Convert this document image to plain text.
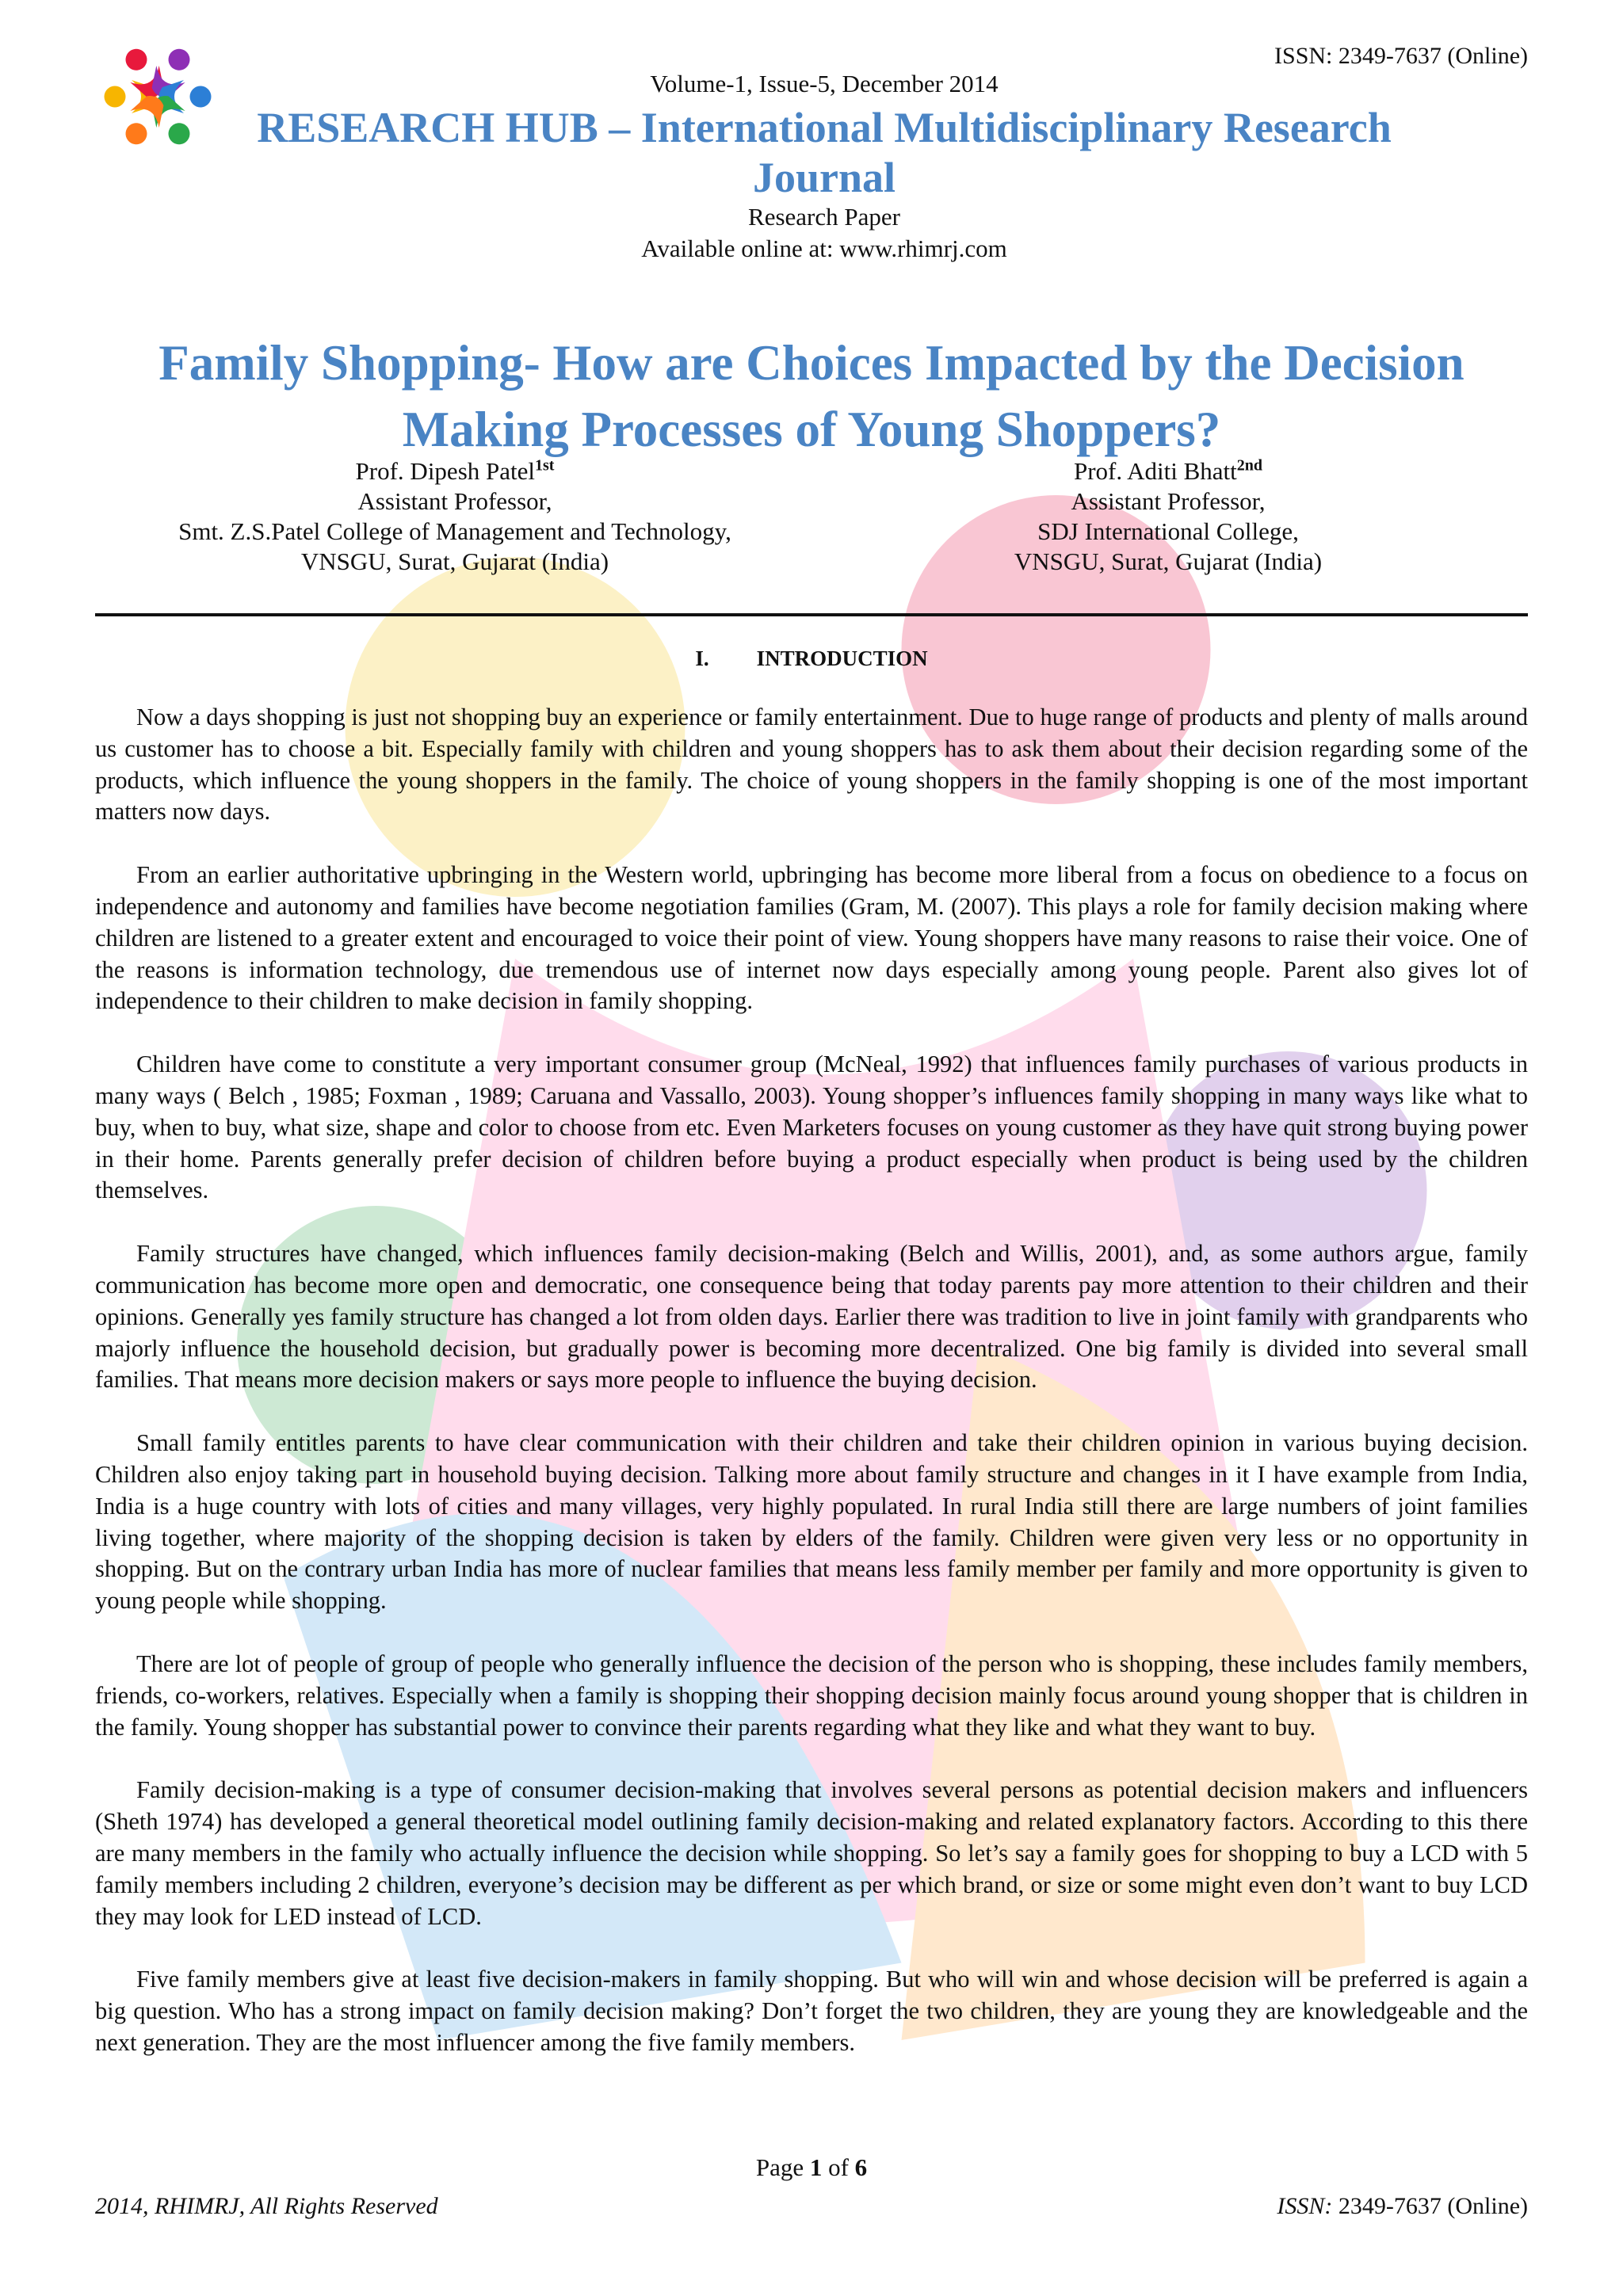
ISSN: 2349-7637 (Online)
Volume-1, Issue-5, December 2014
RESEARCH HUB – International Multidisciplinary Research Journal
Research Paper
Available online at: www.rhimrj.com
Family Shopping- How are Choices Impacted by the Decision Making Processes of Young Shoppers?
Prof. Dipesh Patel$^{1st}$
Assistant Professor,
Smt. Z.S.Patel College of Management and Technology,
VNSGU, Surat, Gujarat (India)
Prof. Aditi Bhatt$^{2nd}$
Assistant Professor,
SDJ International College,
VNSGU, Surat, Gujarat (India)
I. INTRODUCTION

Now a days shopping is just not shopping buy an experience or family entertainment. Due to huge range of products and plenty of malls around us customer has to choose a bit. Especially family with children and young shoppers has to ask them about their decision regarding some of the products, which influence the young shoppers in the family. The choice of young shoppers in the family shopping is one of the most important matters now days.

From an earlier authoritative upbringing in the Western world, upbringing has become more liberal from a focus on obedience to a focus on independence and autonomy and families have become negotiation families (Gram, M. (2007). This plays a role for family decision making where children are listened to a greater extent and encouraged to voice their point of view. Young shoppers have many reasons to raise their voice. One of the reasons is information technology, due tremendous use of internet now days especially among young people. Parent also gives lot of independence to their children to make decision in family shopping.

Children have come to constitute a very important consumer group (McNeal, 1992) that influences family purchases of various products in many ways ( Belch , 1985; Foxman , 1989; Caruana and Vassallo, 2003). Young shopper’s influences family shopping in many ways like what to buy, when to buy, what size, shape and color to choose from etc. Even Marketers focuses on young customer as they have quit strong buying power in their home. Parents generally prefer decision of children before buying a product especially when product is being used by the children themselves.

Family structures have changed, which influences family decision-making (Belch and Willis, 2001), and, as some authors argue, family communication has become more open and democratic, one consequence being that today parents pay more attention to their children and their opinions. Generally yes family structure has changed a lot from olden days. Earlier there was tradition to live in joint family with grandparents who majorly influence the household decision, but gradually power is becoming more decentralized. One big family is divided into several small families. That means more decision makers or says more people to influence the buying decision.

Small family entitles parents to have clear communication with their children and take their children opinion in various buying decision. Children also enjoy taking part in household buying decision. Talking more about family structure and changes in it I have example from India, India is a huge country with lots of cities and many villages, very highly populated. In rural India still there are large numbers of joint families living together, where majority of the shopping decision is taken by elders of the family. Children were given very less or no opportunity in shopping. But on the contrary urban India has more of nuclear families that means less family member per family and more opportunity is given to young people while shopping.

There are lot of people of group of people who generally influence the decision of the person who is shopping, these includes family members, friends, co-workers, relatives. Especially when a family is shopping their shopping decision mainly focus around young shopper that is children in the family. Young shopper has substantial power to convince their parents regarding what they like and what they want to buy.

Family decision-making is a type of consumer decision-making that involves several persons as potential decision makers and influencers (Sheth 1974) has developed a general theoretical model outlining family decision-making and related explanatory factors. According to this there are many members in the family who actually influence the decision while shopping. So let’s say a family goes for shopping to buy a LCD with 5 family members including 2 children, everyone’s decision may be different as per which brand, or size or some might even don’t want to buy LCD they may look for LED instead of LCD.

Five family members give at least five decision-makers in family shopping. But who will win and whose decision will be preferred is again a big question. Who has a strong impact on family decision making? Don’t forget the two children, they are young they are knowledgeable and the next generation. They are the most influencer among the five family members.

Page 1 of 6
2014, RHIMRJ, All Rights Reserved	ISSN: 2349-7637 (Online)
